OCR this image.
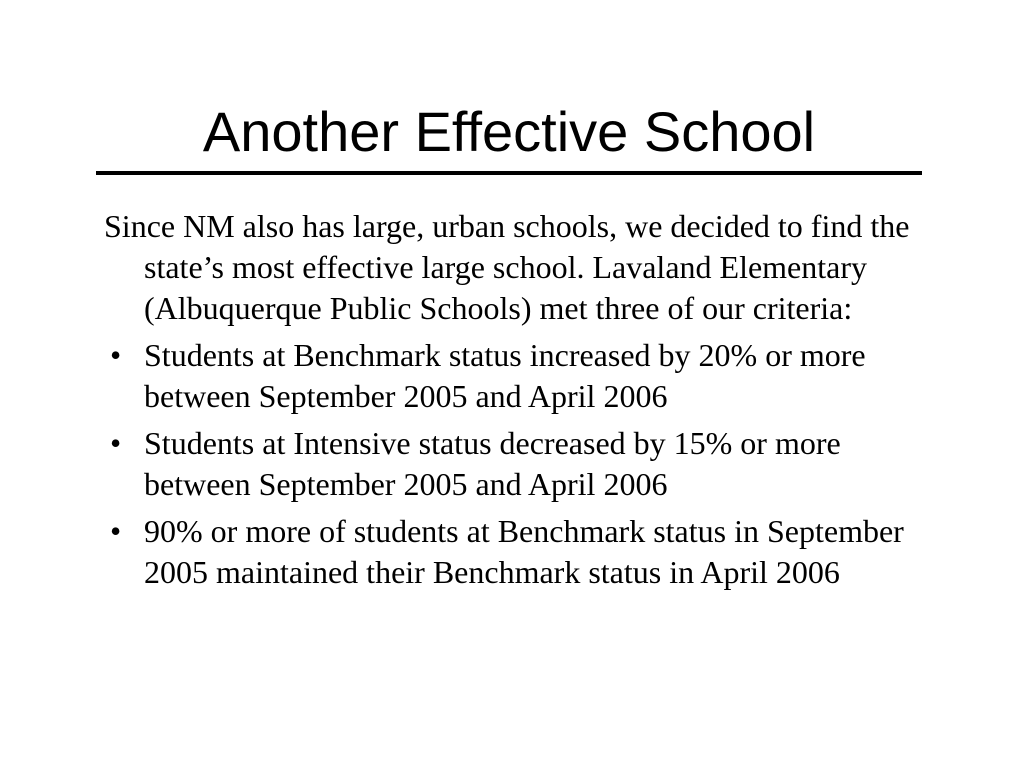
Another Effective School

Since NM also has large, urban schools, we decided to find the state’s most effective large school. Lavaland Elementary (Albuquerque Public Schools) met three of our criteria:

• Students at Benchmark status increased by 20% or more between September 2005 and April 2006
• Students at Intensive status decreased by 15% or more between September 2005 and April 2006
• 90% or more of students at Benchmark status in September 2005 maintained their Benchmark status in April 2006
